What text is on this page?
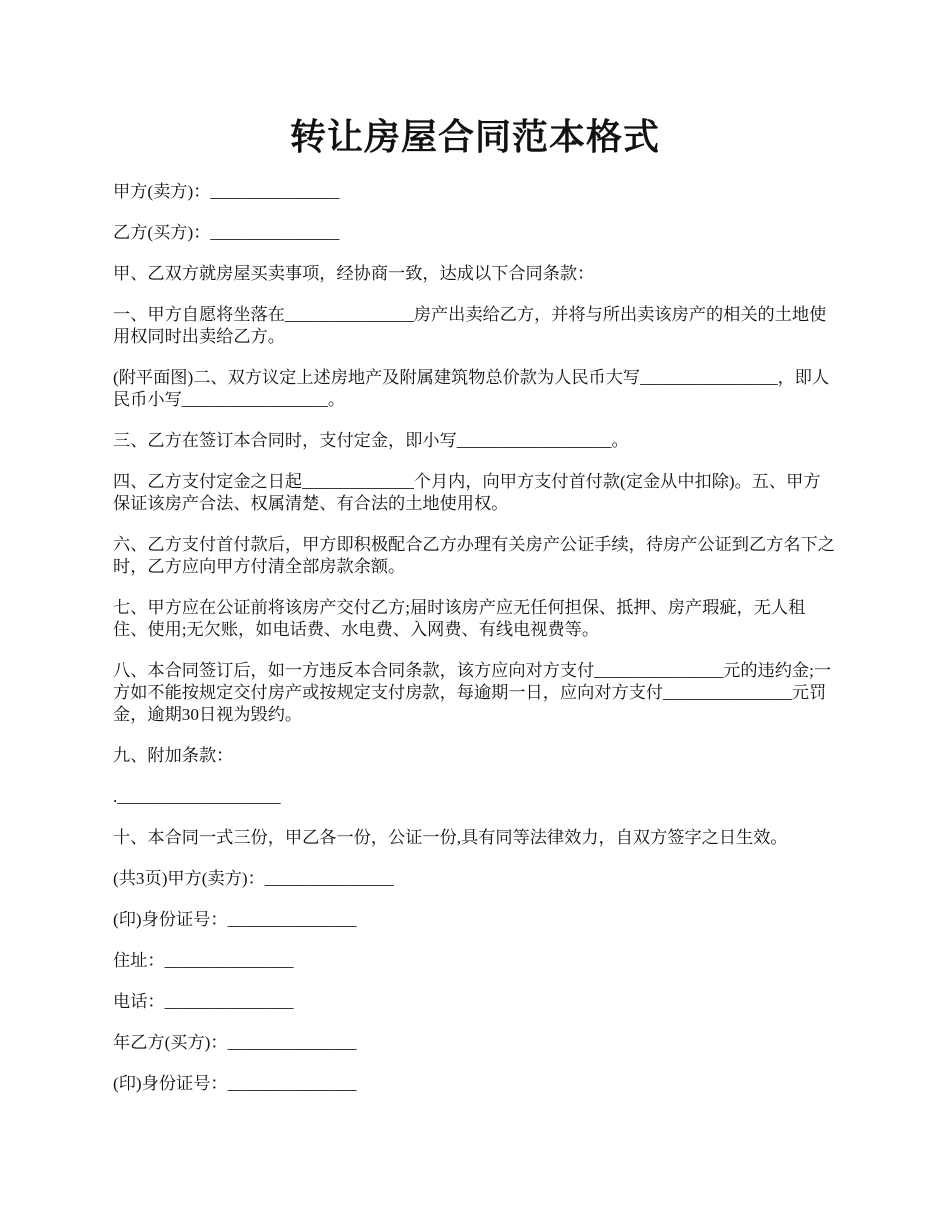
转让房屋合同范本格式

甲方(卖方)：_______________

乙方(买方)：_______________

甲、乙双方就房屋买卖事项，经协商一致，达成以下合同条款：

一、甲方自愿将坐落在_______________房产出卖给乙方，并将与所出卖该房产的相关的土地使用权同时出卖给乙方。

(附平面图)二、双方议定上述房地产及附属建筑物总价款为人民币大写________________，即人民币小写_________________。

三、乙方在签订本合同时，支付定金，即小写__________________。

四、乙方支付定金之日起_____________个月内，向甲方支付首付款(定金从中扣除)。五、甲方保证该房产合法、权属清楚、有合法的土地使用权。

六、乙方支付首付款后，甲方即积极配合乙方办理有关房产公证手续，待房产公证到乙方名下之时，乙方应向甲方付清全部房款余额。

七、甲方应在公证前将该房产交付乙方;届时该房产应无任何担保、抵押、房产瑕疵，无人租住、使用;无欠账，如电话费、水电费、入网费、有线电视费等。

八、本合同签订后，如一方违反本合同条款，该方应向对方支付_______________元的违约金;一方如不能按规定交付房产或按规定支付房款，每逾期一日，应向对方支付_______________元罚金，逾期30日视为毁约。

九、附加条款：

.___________________

十、本合同一式三份，甲乙各一份，公证一份,具有同等法律效力，自双方签字之日生效。

(共3页)甲方(卖方)：_______________

(印)身份证号：_______________

住址：_______________

电话：_______________

年乙方(买方)：_______________

(印)身份证号：_______________
